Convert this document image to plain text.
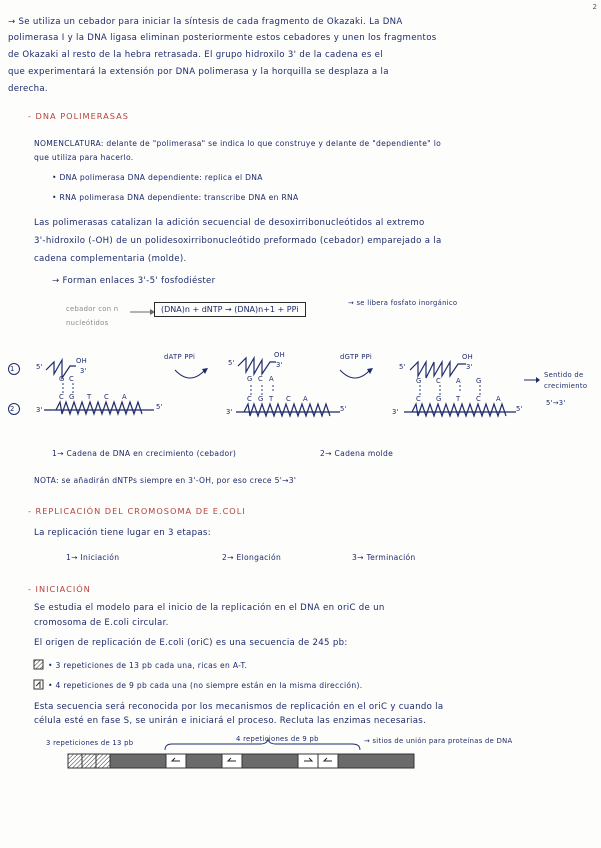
2
→ Se utiliza un cebador para iniciar la síntesis de cada fragmento de Okazaki. La DNA
polimerasa I y la DNA ligasa eliminan posteriormente estos cebadores y unen los fragmentos
de Okazaki al resto de la hebra retrasada. El grupo hidroxilo 3' de la cadena es el
que experimentará la extensión por DNA polimerasa y la horquilla se desplaza a la
derecha.
- DNA POLIMERASAS
NOMENCLATURA: delante de "polimerasa" se indica lo que construye y delante de "dependiente" lo
que utiliza para hacerlo.
• DNA polimerasa DNA dependiente: replica el DNA
• RNA polimerasa DNA dependiente: transcribe DNA en RNA
Las polimerasas catalizan la adición secuencial de desoxirribonucleótidos al extremo
3'-hidroxilo (-OH) de un polidesoxirribonucleótido preformado (cebador) emparejado a la
cadena complementaria (molde).
→ Forman enlaces 3'-5' fosfodiéster
cebador con n
nucleótidos
(DNA)n + dNTP → (DNA)n+1 + PPi
→ se libera fosfato inorgánico
1
2
5'
OH
3'
G C
C G T C A
3'	5'
dATP PPi
5'
OH
3'
G C A
C G T C A
3'	5'
dGTP PPi
5'
OH
3'
G C A G
C G T C A
3'	5'
Sentido de
crecimiento
5'→3'
1→ Cadena de DNA en crecimiento (cebador)	2→ Cadena molde
NOTA: se añadirán dNTPs siempre en 3'-OH, por eso crece 5'→3'
- REPLICACIÓN DEL CROMOSOMA DE E.COLI
La replicación tiene lugar en 3 etapas:
1→ Iniciación	2→ Elongación	3→ Terminación
- INICIACIÓN
Se estudia el modelo para el inicio de la replicación en el DNA en oriC de un
cromosoma de E.coli circular.
El origen de replicación de E.coli (oriC) es una secuencia de 245 pb:
• 3 repeticiones de 13 pb cada una, ricas en A-T.
• 4 repeticiones de 9 pb cada una (no siempre están en la misma dirección).
Esta secuencia será reconocida por los mecanismos de replicación en el oriC y cuando la
célula esté en fase S, se unirán e iniciará el proceso. Recluta las enzimas necesarias.
3 repeticiones de 13 pb	4 repeticiones de 9 pb	→ sitios de unión para proteínas de DNA
